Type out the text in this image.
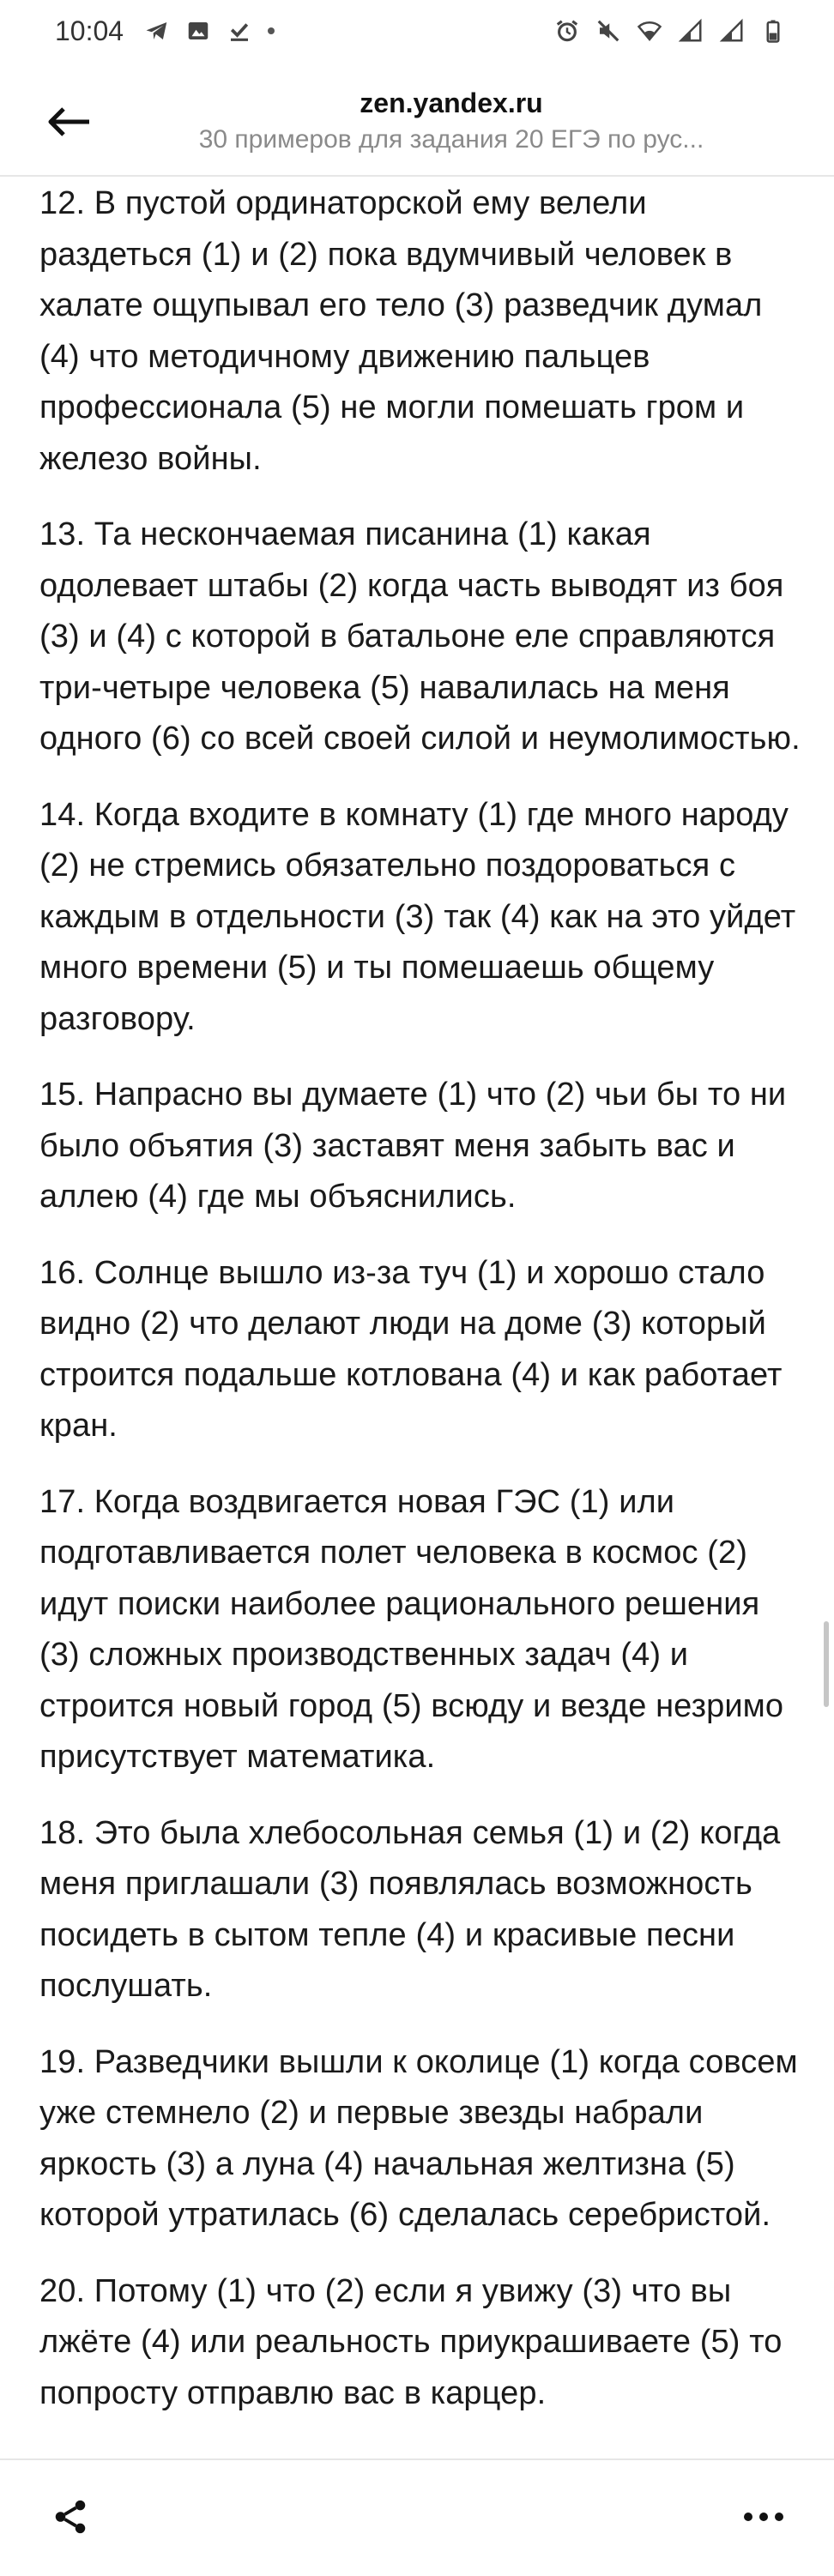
10:04
zen.yandex.ru
30 примеров для задания 20 ЕГЭ по рус...

12. В пустой ординаторской ему велели раздеться (1) и (2) пока вдумчивый человек в халате ощупывал его тело (3) разведчик думал (4) что методичному движению пальцев профессионала (5) не могли помешать гром и железо войны.

13. Та нескончаемая писанина (1) какая одолевает штабы (2) когда часть выводят из боя (3) и (4) с которой в батальоне еле справляются три-четыре человека (5) навалилась на меня одного (6) со всей своей силой и неумолимостью.

14. Когда входите в комнату (1) где много народу (2) не стремись обязательно поздороваться с каждым в отдельности (3) так (4) как на это уйдет много времени (5) и ты помешаешь общему разговору.

15. Напрасно вы думаете (1) что (2) чьи бы то ни было объятия (3) заставят меня забыть вас и аллею (4) где мы объяснились.

16. Солнце вышло из-за туч (1) и хорошо стало видно (2) что делают люди на доме (3) который строится подальше котлована (4) и как работает кран.

17. Когда воздвигается новая ГЭС (1) или подготавливается полет человека в космос (2) идут поиски наиболее рационального решения (3) сложных производственных задач (4) и строится новый город (5) всюду и везде незримо присутствует математика.

18. Это была хлебосольная семья (1) и (2) когда меня приглашали (3) появлялась возможность посидеть в сытом тепле (4) и красивые песни послушать.

19. Разведчики вышли к околице (1) когда совсем уже стемнело (2) и первые звезды набрали яркость (3) а луна (4) начальная желтизна (5) которой утратилась (6) сделалась серебристой.

20. Потому (1) что (2) если я увижу (3) что вы лжёте (4) или реальность приукрашиваете (5) то попросту отправлю вас в карцер.
